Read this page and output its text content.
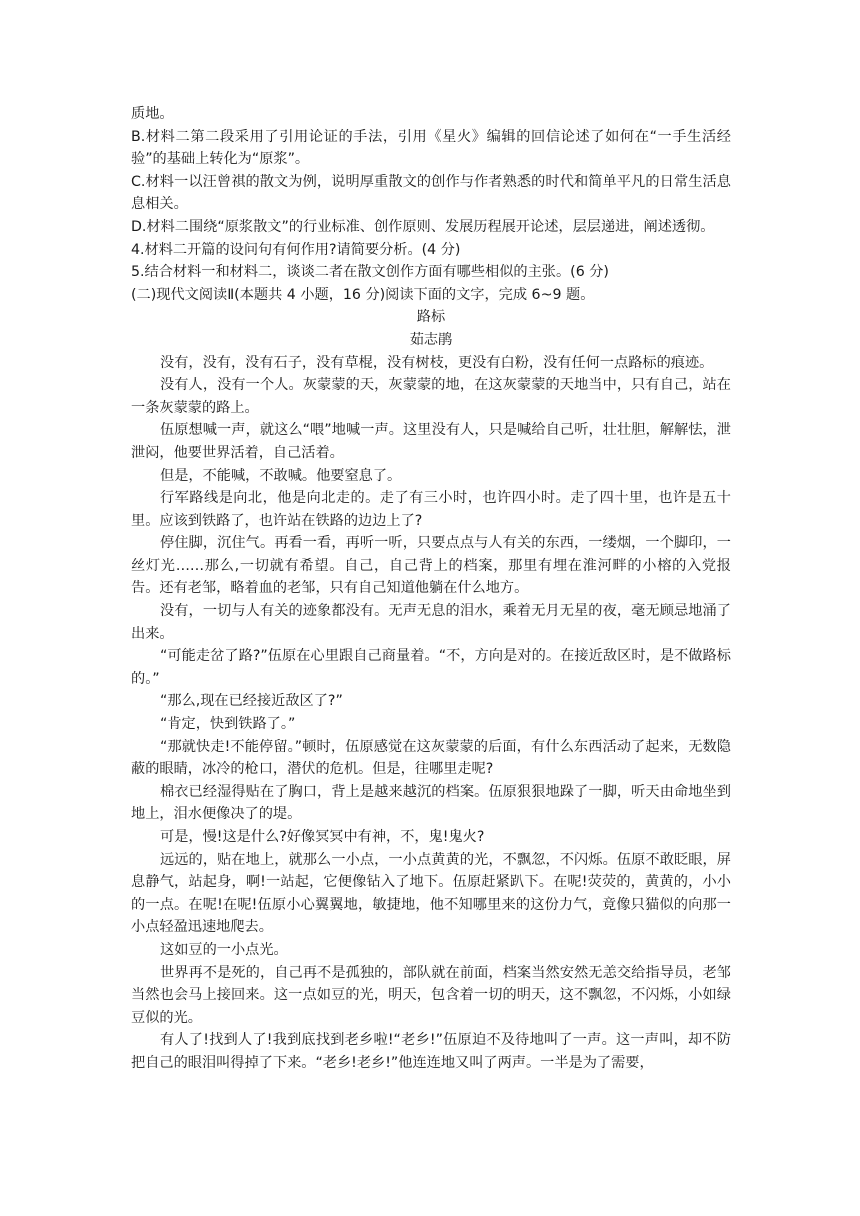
质地。

B.材料二第二段采用了引用论证的手法，引用《星火》编辑的回信论述了如何在“一手生活经验”的基础上转化为“原浆”。

C.材料一以汪曾祺的散文为例，说明厚重散文的创作与作者熟悉的时代和简单平凡的日常生活息息相关。

D.材料二围绕“原浆散文”的行业标准、创作原则、发展历程展开论述，层层递进，阐述透彻。

4.材料二开篇的设问句有何作用?请简要分析。(4 分)

5.结合材料一和材料二，谈谈二者在散文创作方面有哪些相似的主张。(6 分)

(二)现代文阅读Ⅱ(本题共 4 小题，16 分)阅读下面的文字，完成 6~9 题。

路标

茹志鹃

没有，没有，没有石子，没有草棍，没有树枝，更没有白粉，没有任何一点路标的痕迹。

没有人，没有一个人。灰蒙蒙的天，灰蒙蒙的地，在这灰蒙蒙的天地当中，只有自己，站在一条灰蒙蒙的路上。

伍原想喊一声，就这么“喂”地喊一声。这里没有人，只是喊给自己听，壮壮胆，解解怯，泄泄闷，他要世界活着，自己活着。

但是，不能喊，不敢喊。他要窒息了。

行军路线是向北，他是向北走的。走了有三小时，也许四小时。走了四十里，也许是五十里。应该到铁路了，也许站在铁路的边边上了?

停住脚，沉住气。再看一看，再听一听，只要点点与人有关的东西，一缕烟，一个脚印，一丝灯光……那么,一切就有希望。自己，自己背上的档案，那里有埋在淮河畔的小榕的入党报告。还有老邹，略着血的老邹，只有自己知道他躺在什么地方。

没有，一切与人有关的迹象都没有。无声无息的泪水，乘着无月无星的夜，毫无顾忌地涌了出来。

“可能走岔了路?”伍原在心里跟自己商量着。“不，方向是对的。在接近敌区时，是不做路标的。”

“那么,现在已经接近敌区了?”

“肯定，快到铁路了。”

“那就快走!不能停留。”顿时，伍原感觉在这灰蒙蒙的后面，有什么东西活动了起来，无数隐蔽的眼睛，冰冷的枪口，潜伏的危机。但是，往哪里走呢?

棉衣已经湿得贴在了胸口，背上是越来越沉的档案。伍原狠狠地跺了一脚，听天由命地坐到地上，泪水便像决了的堤。

可是，慢!这是什么?好像冥冥中有神，不，鬼!鬼火?

远远的，贴在地上，就那么一小点，一小点黄黄的光，不飘忽，不闪烁。伍原不敢眨眼，屏息静气，站起身，啊!一站起，它便像钻入了地下。伍原赶紧趴下。在呢!荧荧的，黄黄的，小小的一点。在呢!在呢!伍原小心翼翼地，敏捷地，他不知哪里来的这份力气，竟像只猫似的向那一小点轻盈迅速地爬去。

这如豆的一小点光。

世界再不是死的，自己再不是孤独的，部队就在前面，档案当然安然无恙交给指导员，老邹当然也会马上接回来。这一点如豆的光，明天，包含着一切的明天，这不飘忽，不闪烁，小如绿豆似的光。

有人了!找到人了!我到底找到老乡啦!“老乡!”伍原迫不及待地叫了一声。这一声叫，却不防把自己的眼泪叫得掉了下来。“老乡!老乡!”他连连地又叫了两声。一半是为了需要，
